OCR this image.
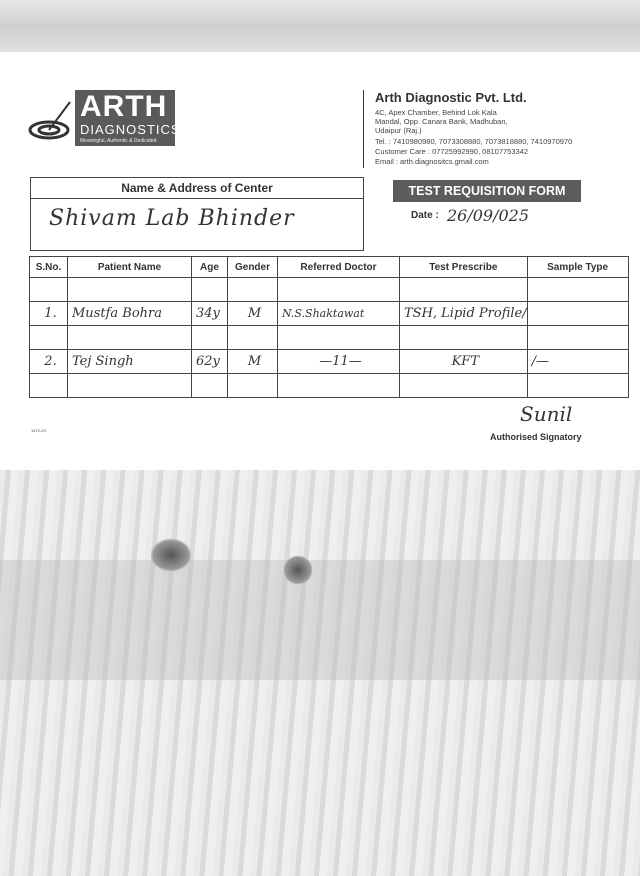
ARTH
DIAGNOSTICS
Meaningful, Authentic & Dedicated
Arth Diagnostic Pvt. Ltd.
4C, Apex Chamber, Behind Lok Kala
Mandal, Opp. Canara Bank, Madhuban,
Udaipur (Raj.)
Tel. : 7410980980, 7073308880, 7073818880, 7410970970
Customer Care : 07725992990, 08107753342
Email : arth.diagnositcs.gmail.com
Name & Address of Center
Shivam Lab Bhinder
TEST REQUISITION FORM
Date : 26/09/025
S.No.	Patient Name	Age	Gender	Referred Doctor	Test Prescribe	Sample Type

1.	Mustfa Bohra	34y	M	N.S.Shaktawat	TSH, Lipid Profile/	

2.	Tej Singh	62y	M	—11—	KFT	/—

1472-23
Sunil
Authorised Signatory
